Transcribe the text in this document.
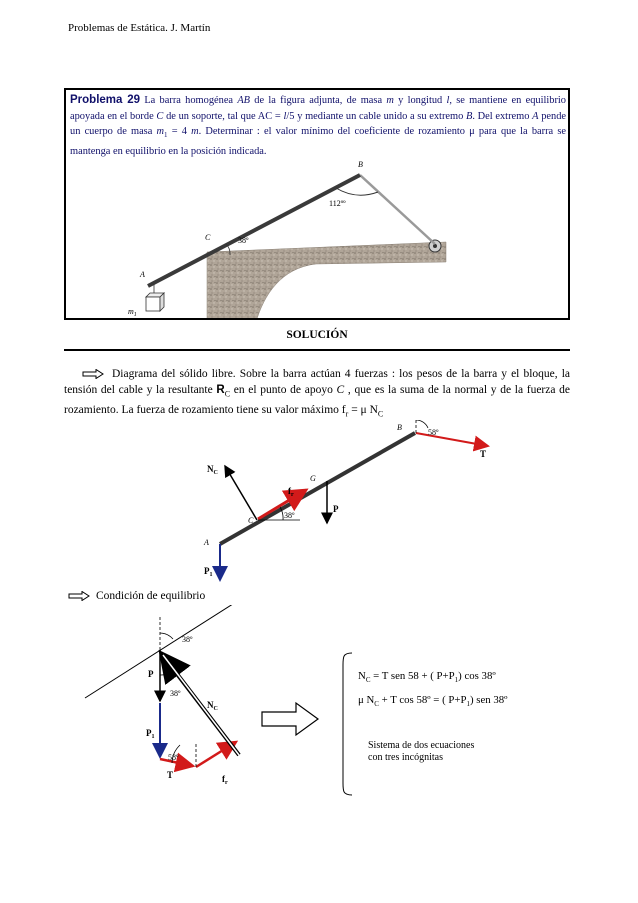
Problemas de Estática. J. Martín
A
B
C
$m_1$
38º
112ºº
Problema 29 La barra homogénea AB de la figura adjunta, de masa m y longitud l, se mantiene en equilibrio apoyada en el borde C de un soporte, tal que AC = l/5 y mediante un cable unido a su extremo B. Del extremo A pende un cuerpo de masa $m_1 = 4$ m. Determinar : el valor mínimo del coeficiente de rozamiento μ para que la barra se mantenga en equilibrio en la posición indicada.
SOLUCIÓN
Diagrama del sólido libre. Sobre la barra actúan 4 fuerzas : los pesos de la barra y el bloque, la tensión del cable y la resultante $R_C$ en el punto de apoyo C , que es la suma de la normal y de la fuerza de rozamiento. La fuerza de rozamiento tiene su valor máximo $f_r = \mu$ $N_C$
A
B
C
G
$N_C$
$f_r$
P
$P_1$
T
38º
58º
Condición de equilibrio
38º
38º
58º
P
$P_1$
$N_C$
T	$f_r$
$N_C = T$ sen 58 + ( $P+P_1$) cos 38º
μ $N_C + T$ cos 58º = ( $P+P_1$) sen 38º
Sistema de dos ecuaciones
con tres incógnitas
